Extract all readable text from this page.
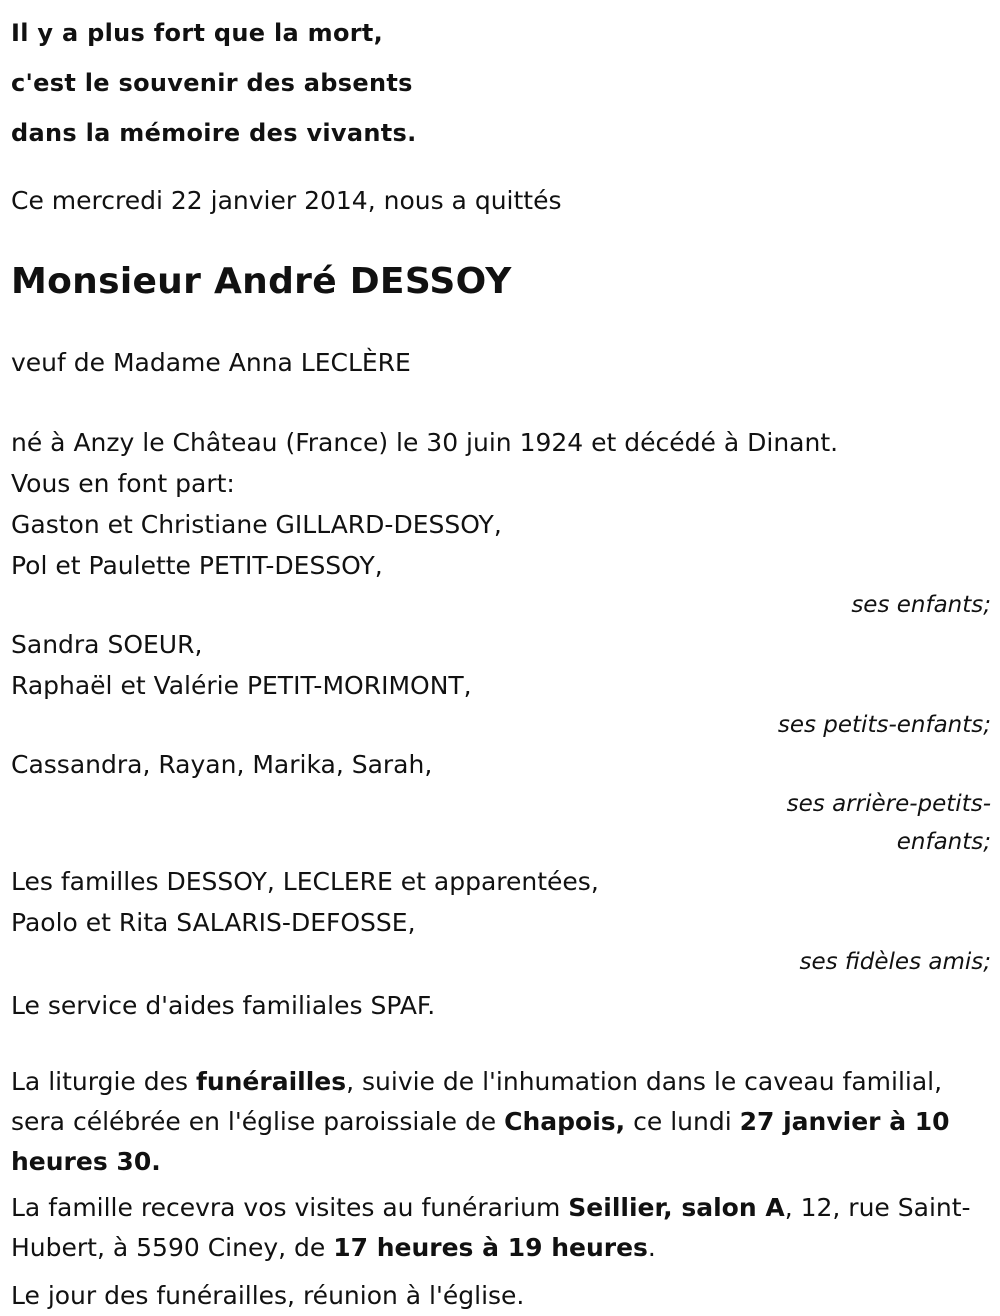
Il y a plus fort que la mort,
c'est le souvenir des absents
dans la mémoire des vivants.
Ce mercredi 22 janvier 2014, nous a quittés
Monsieur André DESSOY
veuf de Madame Anna LECLÈRE
né à Anzy le Château (France) le 30 juin 1924 et décédé à Dinant.
Vous en font part:
Gaston et Christiane GILLARD-DESSOY,
Pol et Paulette PETIT-DESSOY,
ses enfants;
Sandra SOEUR,
Raphaël et Valérie PETIT-MORIMONT,
ses petits-enfants;
Cassandra, Rayan, Marika, Sarah,
ses arrière-petits-enfants;
Les familles DESSOY, LECLERE et apparentées,
Paolo et Rita SALARIS-DEFOSSE,
ses fidèles amis;
Le service d'aides familiales SPAF.
La liturgie des funérailles, suivie de l'inhumation dans le caveau familial, sera célébrée en l'église paroissiale de Chapois, ce lundi 27 janvier à 10 heures 30.
La famille recevra vos visites au funérarium Seillier, salon A, 12, rue Saint-Hubert, à 5590 Ciney, de 17 heures à 19 heures.
Le jour des funérailles, réunion à l'église.
